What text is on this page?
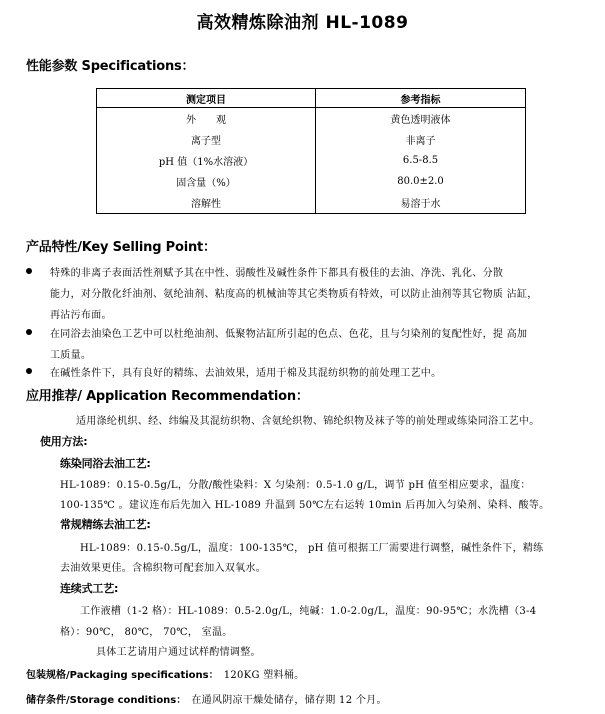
高效精炼除油剂 HL-1089
性能参数 Specifications：
测定项目	参考指标
外　　观	黄色透明液体
离子型	非离子
pH 值（1%水溶液）	6.5-8.5
固含量（%）	80.0±2.0
溶解性	易溶于水
产品特性/Key Selling Point：
特殊的非离子表面活性剂赋予其在中性、弱酸性及碱性条件下都具有极佳的去油、净洗、乳化、分散
能力，对分散化纤油剂、氨纶油剂、粘度高的机械油等其它类物质有特效，可以防止油剂等其它物质 沾缸，
再沾污布面。
在同浴去油染色工艺中可以杜绝油剂、低聚物沾缸所引起的色点、色花，且与匀染剂的复配性好，提 高加
工质量。
在碱性条件下，具有良好的精练、去油效果，适用于棉及其混纺织物的前处理工艺中。
应用推荐/ Application Recommendation：
适用涤纶机织、经、纬编及其混纺织物、含氨纶织物、锦纶织物及袜子等的前处理或练染同浴工艺中。
使用方法:
练染同浴去油工艺:
HL-1089：0.15-0.5g/L，分散/酸性染料：X 匀染剂：0.5-1.0 g/L，调节 pH 值至相应要求，温度：
100-135℃ 。建议连布后先加入 HL-1089 升温到 50℃左右运转 10min 后再加入匀染剂、染料、酸等。
常规精练去油工艺:
HL-1089：0.15-0.5g/L，温度：100-135℃， pH 值可根据工厂需要进行调整，碱性条件下，精练
去油效果更佳。含棉织物可配套加入双氧水。
连续式工艺:
工作液槽（1-2 格）：HL-1089：0.5-2.0g/L，纯碱：1.0-2.0g/L，温度：90-95℃；水洗槽（3-4
格）：90℃， 80℃， 70℃， 室温。
具体工艺请用户通过试样酌情调整。
包装规格/Packaging specifications： 120KG 塑料桶。
储存条件/Storage conditions： 在通风阴凉干燥处储存，储存期 12 个月。
